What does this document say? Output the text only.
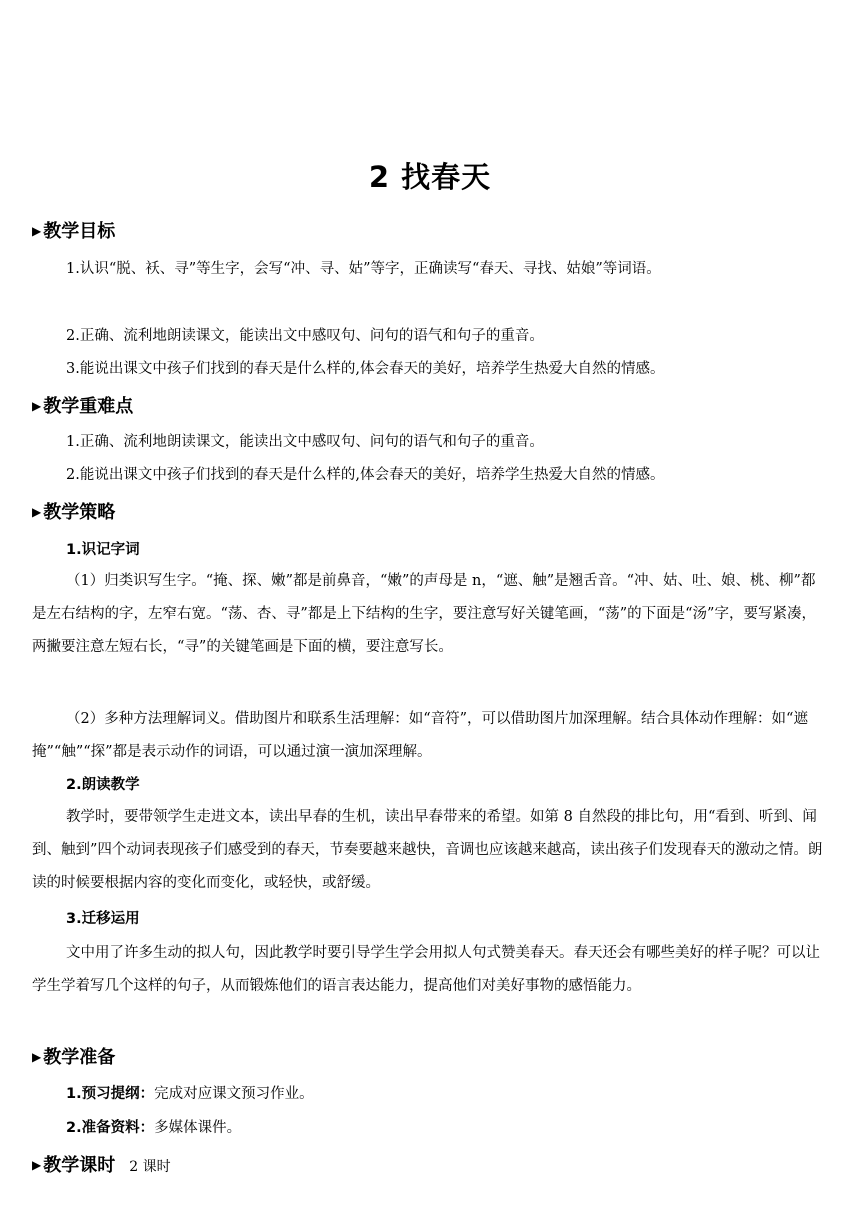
2 找春天
▶ 教学目标
1.认识“脱、袄、寻”等生字，会写“冲、寻、姑”等字，正确读写“春天、寻找、姑娘”等词语。
2.正确、流利地朗读课文，能读出文中感叹句、问句的语气和句子的重音。
3.能说出课文中孩子们找到的春天是什么样的,体会春天的美好，培养学生热爱大自然的情感。
▶ 教学重难点
1.正确、流利地朗读课文，能读出文中感叹句、问句的语气和句子的重音。
2.能说出课文中孩子们找到的春天是什么样的,体会春天的美好，培养学生热爱大自然的情感。
▶ 教学策略
1.识记字词
（1）归类识写生字。“掩、探、嫩”都是前鼻音，“嫩”的声母是 n，“遮、触”是翘舌音。“冲、姑、吐、娘、桃、柳”都是左右结构的字，左窄右宽。“荡、杏、寻”都是上下结构的生字，要注意写好关键笔画，“荡”的下面是“汤”字，要写紧凑，两撇要注意左短右长，“寻”的关键笔画是下面的横，要注意写长。
（2）多种方法理解词义。借助图片和联系生活理解：如“音符”，可以借助图片加深理解。结合具体动作理解：如“遮掩”“触”“探”都是表示动作的词语，可以通过演一演加深理解。
2.朗读教学
教学时，要带领学生走进文本，读出早春的生机，读出早春带来的希望。如第 8 自然段的排比句，用“看到、听到、闻到、触到”四个动词表现孩子们感受到的春天，节奏要越来越快，音调也应该越来越高，读出孩子们发现春天的激动之情。朗读的时候要根据内容的变化而变化，或轻快，或舒缓。
3.迁移运用
文中用了许多生动的拟人句，因此教学时要引导学生学会用拟人句式赞美春天。春天还会有哪些美好的样子呢？可以让学生学着写几个这样的句子，从而锻炼他们的语言表达能力，提高他们对美好事物的感悟能力。
▶ 教学准备
1.预习提纲：完成对应课文预习作业。
2.准备资料：多媒体课件。
▶ 教学课时 2 课时
